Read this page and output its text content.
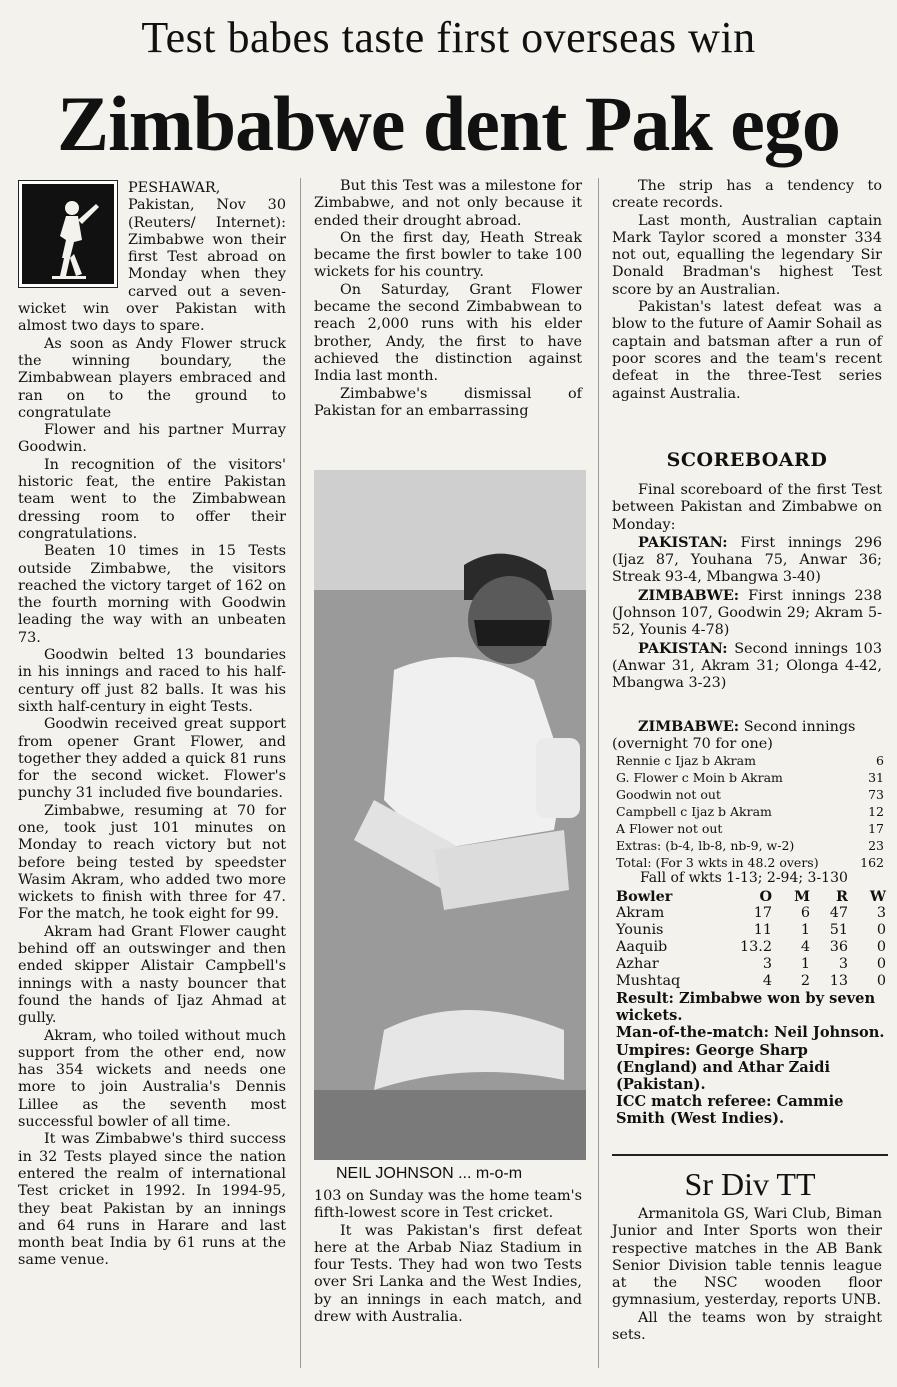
Test babes taste first overseas win
Zimbabwe dent Pak ego

PESHAWAR, Pakistan, Nov 30 (Reuters/ Internet): Zimbabwe won their first Test abroad on Monday when they carved out a seven-wicket win over Pakistan with almost two days to spare.

As soon as Andy Flower struck the winning boundary, the Zimbabwean players embraced and ran on to the ground to congratulate

Flower and his partner Murray Goodwin.

In recognition of the visitors' historic feat, the entire Pakistan team went to the Zimbabwean dressing room to offer their congratulations.

Beaten 10 times in 15 Tests outside Zimbabwe, the visitors reached the victory target of 162 on the fourth morning with Goodwin leading the way with an unbeaten 73.

Goodwin belted 13 boundaries in his innings and raced to his half-century off just 82 balls. It was his sixth half-century in eight Tests.

Goodwin received great support from opener Grant Flower, and together they added a quick 81 runs for the second wicket. Flower's punchy 31 included five boundaries.

Zimbabwe, resuming at 70 for one, took just 101 minutes on Monday to reach victory but not before being tested by speedster Wasim Akram, who added two more wickets to finish with three for 47. For the match, he took eight for 99.

Akram had Grant Flower caught behind off an outswinger and then ended skipper Alistair Campbell's innings with a nasty bouncer that found the hands of Ijaz Ahmad at gully.

Akram, who toiled without much support from the other end, now has 354 wickets and needs one more to join Australia's Dennis Lillee as the seventh most successful bowler of all time.

It was Zimbabwe's third success in 32 Tests played since the nation entered the realm of international Test cricket in 1992. In 1994-95, they beat Pakistan by an innings and 64 runs in Harare and last month beat India by 61 runs at the same venue.

But this Test was a milestone for Zimbabwe, and not only because it ended their drought abroad.

On the first day, Heath Streak became the first bowler to take 100 wickets for his country.

On Saturday, Grant Flower became the second Zimbabwean to reach 2,000 runs with his elder brother, Andy, the first to have achieved the distinction against India last month.

Zimbabwe's dismissal of Pakistan for an embarrassing

NEIL JOHNSON ... m-o-m

103 on Sunday was the home team's fifth-lowest score in Test cricket.

It was Pakistan's first defeat here at the Arbab Niaz Stadium in four Tests. They had won two Tests over Sri Lanka and the West Indies, by an innings in each match, and drew with Australia.

The strip has a tendency to create records.

Last month, Australian captain Mark Taylor scored a monster 334 not out, equalling the legendary Sir Donald Bradman's highest Test score by an Australian.

Pakistan's latest defeat was a blow to the future of Aamir Sohail as captain and batsman after a run of poor scores and the team's recent defeat in the three-Test series against Australia.

SCOREBOARD

Final scoreboard of the first Test between Pakistan and Zimbabwe on Monday:

PAKISTAN: First innings 296 (Ijaz 87, Youhana 75, Anwar 36; Streak 93-4, Mbangwa 3-40)

ZIMBABWE: First innings 238 (Johnson 107, Goodwin 29; Akram 5-52, Younis 4-78)

PAKISTAN: Second innings 103 (Anwar 31, Akram 31; Olonga 4-42, Mbangwa 3-23)

ZIMBABWE: Second innings (overnight 70 for one)

Rennie c Ijaz b Akram	6
G. Flower c Moin b Akram	31
Goodwin not out	73
Campbell c Ijaz b Akram	12
A Flower not out	17
Extras: (b-4, lb-8, nb-9, w-2)	23
Total: (For 3 wkts in 48.2 overs)	162
Fall of wkts 1-13; 2-94; 3-130
Bowler	O	M	R	W
Akram	17	6	47	3
Younis	11	1	51	0
Aaquib	13.2	4	36	0
Azhar	3	1	3	0
Mushtaq	4	2	13	0

Result: Zimbabwe won by seven wickets.

Man-of-the-match: Neil Johnson.

Umpires: George Sharp (England) and Athar Zaidi (Pakistan).

ICC match referee: Cammie Smith (West Indies).

Sr Div TT

Armanitola GS, Wari Club, Biman Junior and Inter Sports won their respective matches in the AB Bank Senior Division table tennis league at the NSC wooden floor gymnasium, yesterday, reports UNB.

All the teams won by straight sets.
